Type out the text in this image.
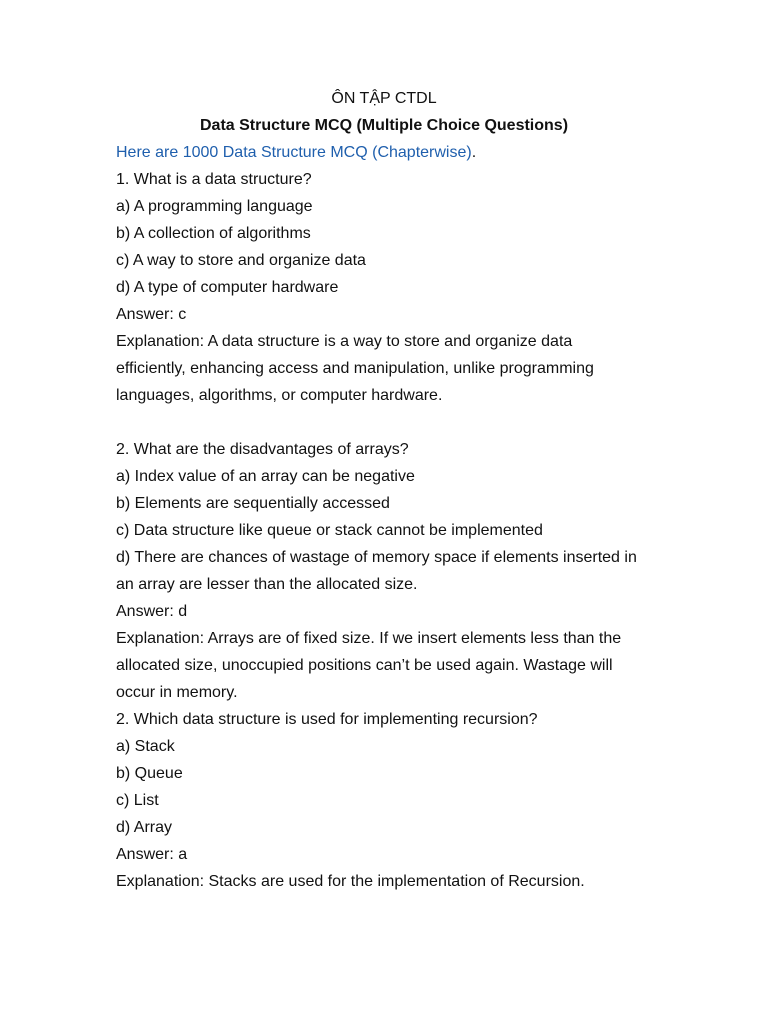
ÔN TẬP CTDL
Data Structure MCQ (Multiple Choice Questions)
Here are 1000 Data Structure MCQ (Chapterwise).
1. What is a data structure?
a) A programming language
b) A collection of algorithms
c) A way to store and organize data
d) A type of computer hardware
Answer: c
Explanation: A data structure is a way to store and organize data efficiently, enhancing access and manipulation, unlike programming languages, algorithms, or computer hardware.
2. What are the disadvantages of arrays?
a) Index value of an array can be negative
b) Elements are sequentially accessed
c) Data structure like queue or stack cannot be implemented
d) There are chances of wastage of memory space if elements inserted in an array are lesser than the allocated size.
Answer: d
Explanation: Arrays are of fixed size. If we insert elements less than the allocated size, unoccupied positions can’t be used again. Wastage will occur in memory.
2. Which data structure is used for implementing recursion?
a) Stack
b) Queue
c) List
d) Array
Answer: a
Explanation: Stacks are used for the implementation of Recursion.
